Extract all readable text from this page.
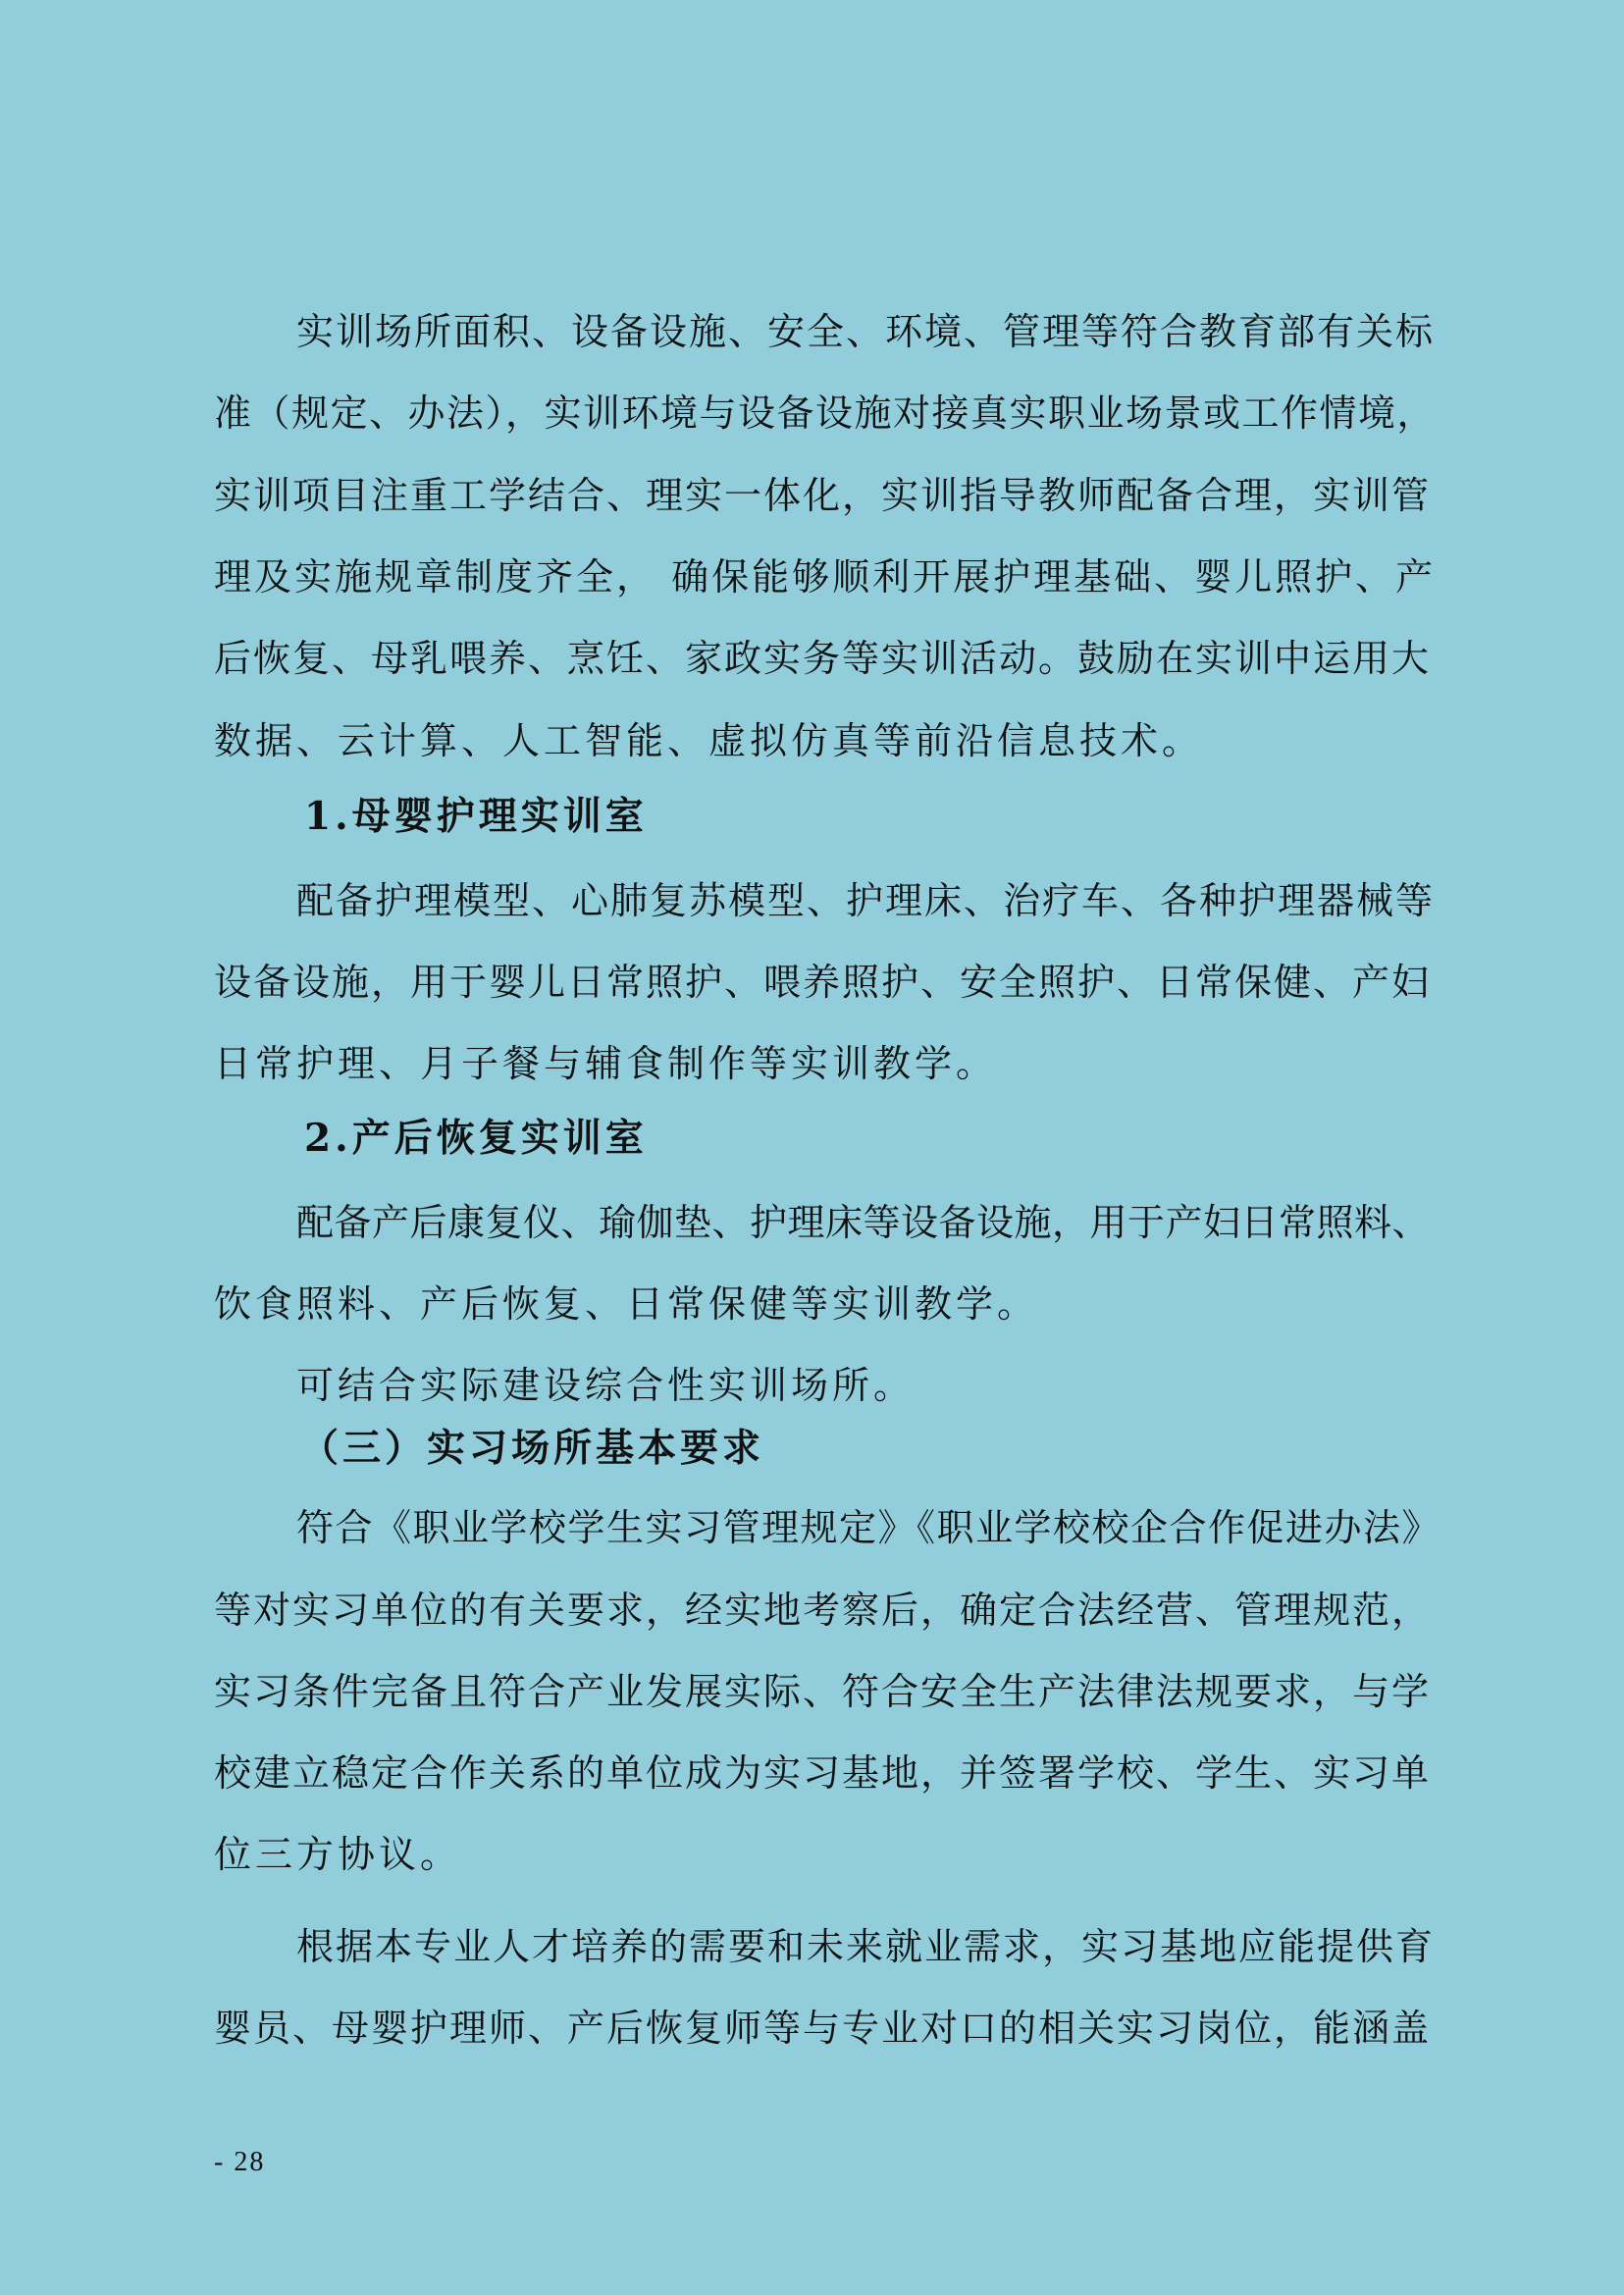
实训场所面积、设备设施、安全、环境、管理等符合教育部有关标
准（规定、办法），实训环境与设备设施对接真实职业场景或工作情境，
实训项目注重工学结合、理实一体化，实训指导教师配备合理，实训管
理及实施规章制度齐全， 确保能够顺利开展护理基础、婴儿照护、产
后恢复、母乳喂养、烹饪、家政实务等实训活动。鼓励在实训中运用大
数据、云计算、人工智能、虚拟仿真等前沿信息技术。
1.母婴护理实训室
配备护理模型、心肺复苏模型、护理床、治疗车、各种护理器械等
设备设施，用于婴儿日常照护、喂养照护、安全照护、日常保健、产妇
日常护理、月子餐与辅食制作等实训教学。
2.产后恢复实训室
配备产后康复仪、瑜伽垫、护理床等设备设施，用于产妇日常照料、
饮食照料、产后恢复、日常保健等实训教学。
可结合实际建设综合性实训场所。
（三）实习场所基本要求
符合《职业学校学生实习管理规定》《职业学校校企合作促进办法》
等对实习单位的有关要求，经实地考察后，确定合法经营、管理规范，
实习条件完备且符合产业发展实际、符合安全生产法律法规要求，与学
校建立稳定合作关系的单位成为实习基地，并签署学校、学生、实习单
位三方协议。
根据本专业人才培养的需要和未来就业需求，实习基地应能提供育
婴员、母婴护理师、产后恢复师等与专业对口的相关实习岗位，能涵盖
- 28
